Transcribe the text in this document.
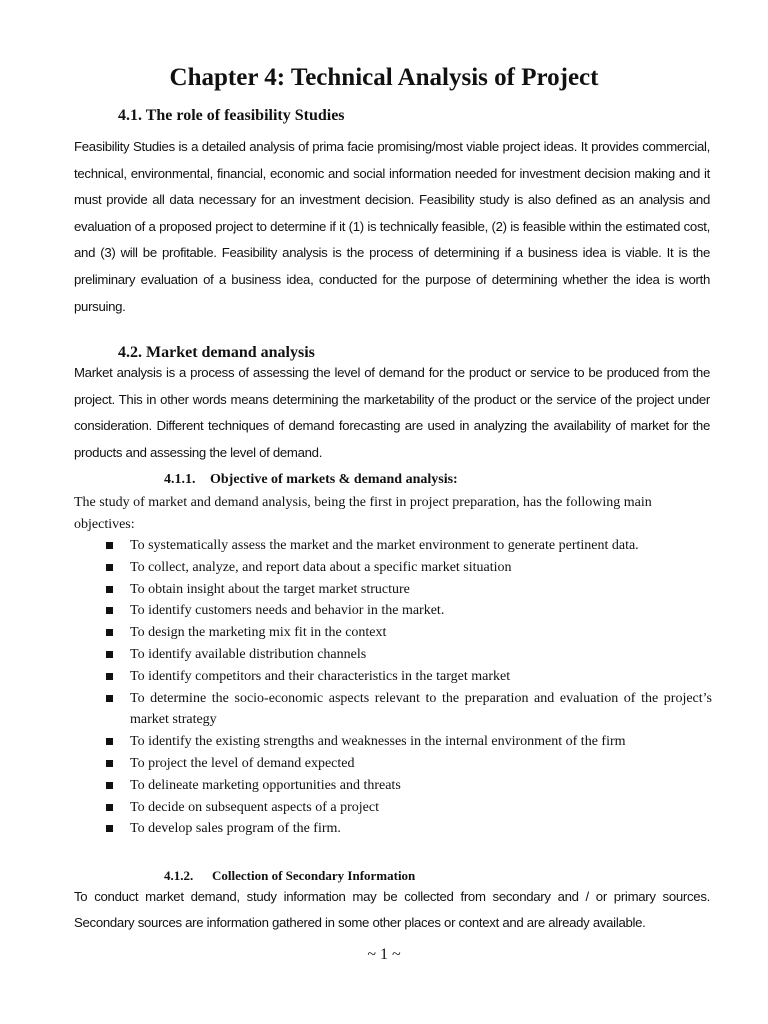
Chapter 4: Technical Analysis of Project
4.1. The role of feasibility Studies

Feasibility Studies is a detailed analysis of prima facie promising/most viable project ideas. It provides commercial, technical, environmental, financial, economic and social information needed for investment decision making and it must provide all data necessary for an investment decision. Feasibility study is also defined as an analysis and evaluation of a proposed project to determine if it (1) is technically feasible, (2) is feasible within the estimated cost, and (3) will be profitable. Feasibility analysis is the process of determining if a business idea is viable. It is the preliminary evaluation of a business idea, conducted for the purpose of determining whether the idea is worth pursuing.

4.2. Market demand analysis

Market analysis is a process of assessing the level of demand for the product or service to be produced from the project. This in other words means determining the marketability of the product or the service of the project under consideration. Different techniques of demand forecasting are used in analyzing the availability of market for the products and assessing the level of demand.

4.1.1. Objective of markets & demand analysis:

The study of market and demand analysis, being the first in project preparation, has the following main objectives:

To systematically assess the market and the market environment to generate pertinent data.
To collect, analyze, and report data about a specific market situation
To obtain insight about the target market structure
To identify customers needs and behavior in the market.
To design the marketing mix fit in the context
To identify available distribution channels
To identify competitors and their characteristics in the target market
To determine the socio-economic aspects relevant to the preparation and evaluation of the project’s market strategy
To identify the existing strengths and weaknesses in the internal environment of the firm
To project the level of demand expected
To delineate marketing opportunities and threats
To decide on subsequent aspects of a project
To develop sales program of the firm.
4.1.2. Collection of Secondary Information

To conduct market demand, study information may be collected from secondary and / or primary sources. Secondary sources are information gathered in some other places or context and are already available.

~ 1 ~
